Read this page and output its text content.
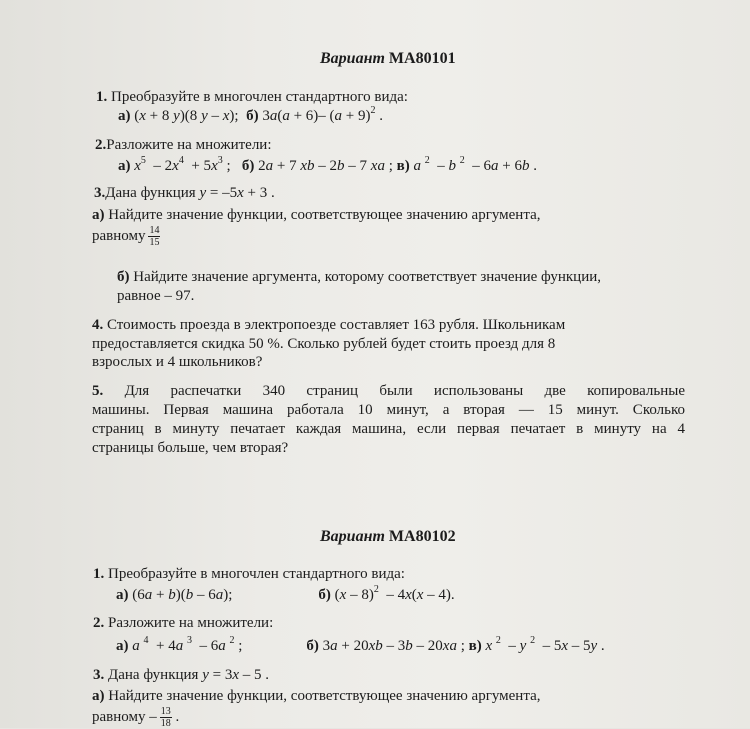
Вариант МА80101
1. Преобразуйте в многочлен стандартного вида:
а) (x + 8 y)(8 y – x);  б) 3a(a + 6)– $(a + 9)^2$ .
2.Разложите на множители:
а) $x^5 - 2x^4 + 5x^3$ ;   б) 2a + 7 xb – 2b – 7 xa ; в) a $^2$  – b $^2$  – 6a + 6b .
3.Дана функция y = –5x + 3 .
а) Найдите значение функции, соответствующее значению аргумента,
равному $\frac{14}{15}$
б) Найдите значение аргумента, которому соответствует значение функции,
равное – 97.
4. Стоимость проезда в электропоезде составляет 163 рубля. Школьникам
предоставляется скидка 50 %. Сколько рублей будет стоить проезд для 8
взрослых и 4 школьников?
5. Для распечатки 340 страниц были использованы две копировальные
машины. Первая машина работала 10 минут, а вторая — 15 минут. Сколько
страниц в минуту печатает каждая машина, если первая печатает в минуту на 4
страницы больше, чем вторая?
Вариант МА80102
1. Преобразуйте в многочлен стандартного вида:
а) (6a + b)(b – 6a);	б) (x – 8)$^2$  – 4x(x – 4).
2. Разложите на множители:
а) a $^4$  + 4a $^3$  – 6a $^2$ ;	б) 3a + 20xb – 3b – 20xa ; в) x $^2$  – y $^2$  – 5x – 5y .
3. Дана функция y = 3x – 5 .
а) Найдите значение функции, соответствующее значению аргумента,
равному – $\frac{13}{18}$ .
